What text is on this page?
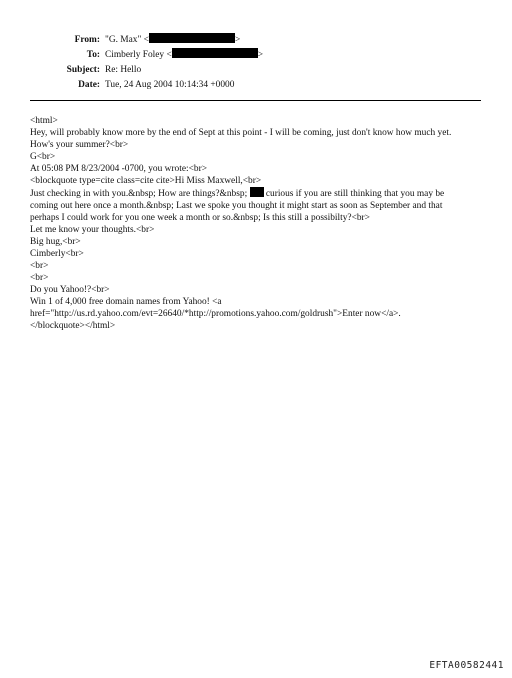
From: "G. Max" <	>
To: Cimberly Foley <	>
Subject: Re: Hello
Date: Tue, 24 Aug 2004 10:14:34 +0000
<html>
Hey, will probably know more by the end of Sept at this point - I will be coming, just don't know how much yet.
How's your summer?<br>
G<br>
At 05:08 PM 8/23/2004 -0700, you wrote:<br>
<blockquote type=cite class=cite cite>Hi Miss Maxwell,<br>
Just checking in with you.&nbsp; How are things?&nbsp;  curious if you are still thinking that you may be
coming out here once a month.&nbsp; Last we spoke you thought it might start as soon as September and that
perhaps I could work for you one week a month or so.&nbsp; Is this still a possibilty?<br>
Let me know your thoughts.<br>
Big hug,<br>
Cimberly<br>
<br>
<br>
Do you Yahoo!?<br>
Win 1 of 4,000 free domain names from Yahoo! <a
href="http://us.rd.yahoo.com/evt=26640/*http://promotions.yahoo.com/goldrush">Enter now</a>.
</blockquote></html>
EFTA00582441
